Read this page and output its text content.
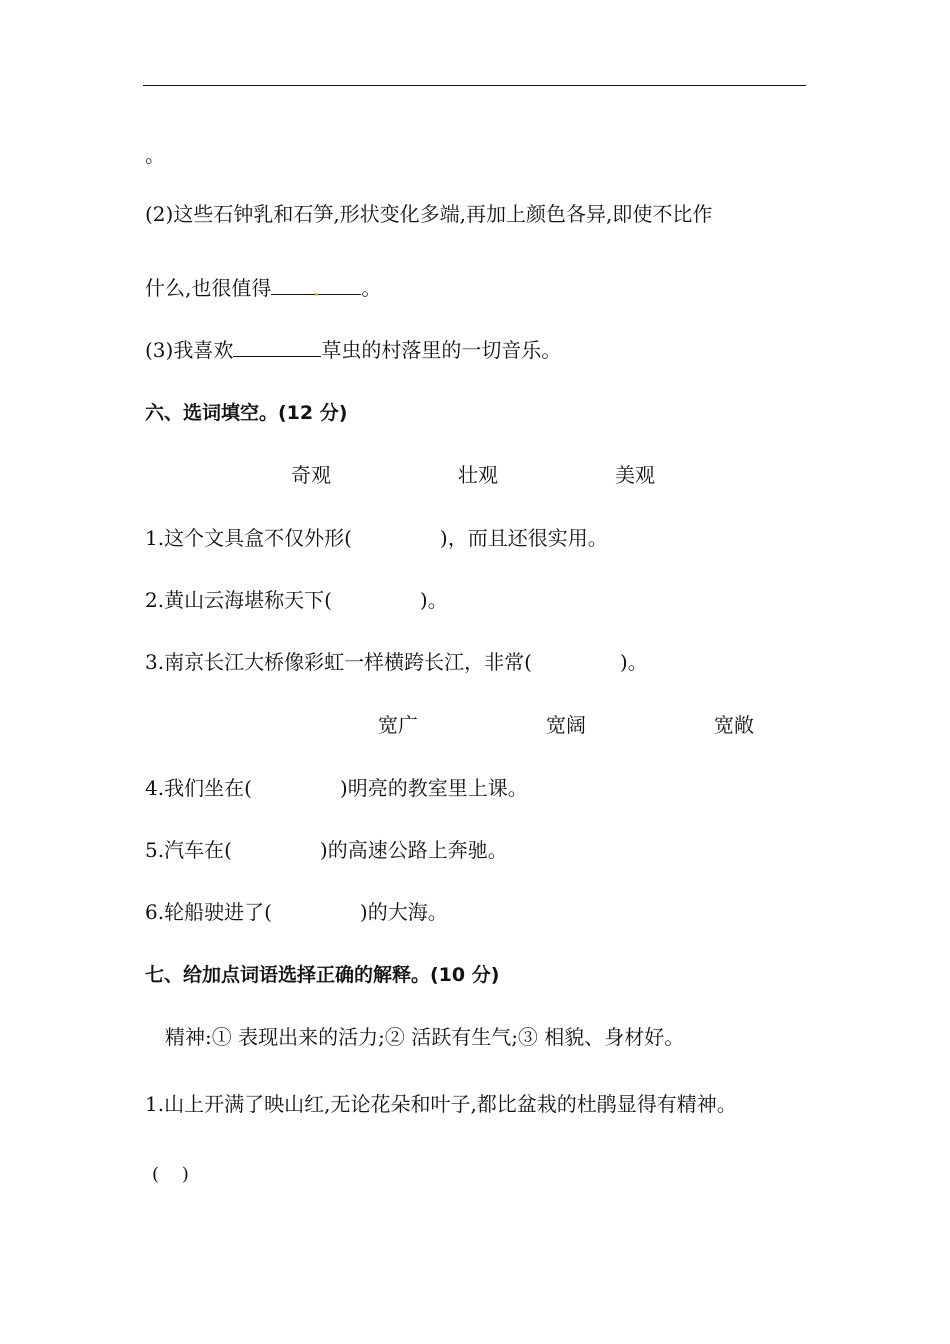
。
(2)这些石钟乳和石笋,形状变化多端,再加上颜色各异,即使不比作
什么,也很值得	。
(3)我喜欢	草虫的村落里的一切音乐。
六、选词填空。(12 分)
奇观	壮观	美观
1.这个文具盒不仅外形(	)，而且还很实用。
2.黄山云海堪称天下(	)。
3.南京长江大桥像彩虹一样横跨长江，非常(	)。
宽广	宽阔	宽敞
4.我们坐在(	)明亮的教室里上课。
5.汽车在(	)的高速公路上奔驰。
6.轮船驶进了(	)的大海。
七、给加点词语选择正确的解释。(10 分)
精神:① 表现出来的活力;② 活跃有生气;③ 相貌、身材好。
1.山上开满了映山红,无论花朵和叶子,都比盆栽的杜鹃显得有精神。
(    )
